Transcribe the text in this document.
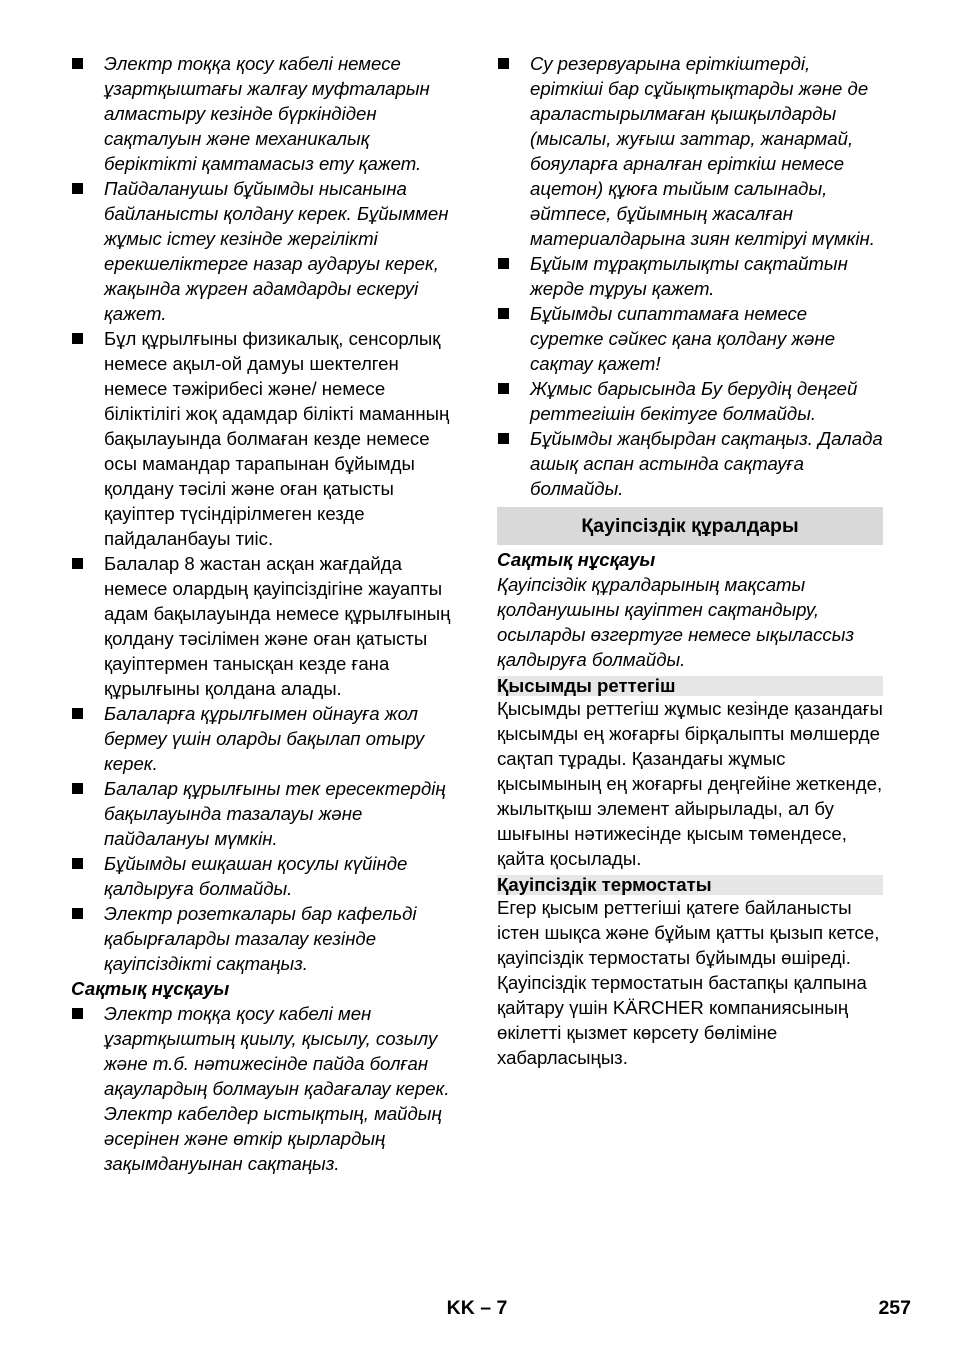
Электр тоққа қосу кабелі немесе ұзартқыштағы жалғау муфталарын алмастыру кезінде бүркіндіден сақталуын және механикалық беріктікті қамтамасыз ету қажет.
Пайдаланушы бұйымды нысанына байланысты қолдану керек. Бұйыммен жұмыс істеу кезінде жергілікті ерекшеліктерге назар аударуы керек, жақында жүрген адамдарды ескеруі қажет.
Бұл құрылғыны физикалық, сенсорлық немесе ақыл-ой дамуы шектелген немесе тәжірибесі және/ немесе біліктілігі жоқ адамдар білікті маманның бақылауында болмаған кезде немесе осы мамандар тарапынан бұйымды қолдану тәсілі және оған қатысты қауіптер түсіндірілмеген кезде пайдаланбауы тиіс.
Балалар 8 жастан асқан жағдайда немесе олардың қауіпсіздігіне жауапты адам бақылауында немесе құрылғының қолдану тәсілімен және оған қатысты қауіптермен танысқан кезде ғана құрылғыны қолдана алады.
Балаларға құрылғымен ойнауға жол бермеу үшін оларды бақылап отыру керек.
Балалар құрылғыны тек ересектердің бақылауында тазалауы және пайдалануы мүмкін.
Бұйымды ешқашан қосулы күйінде қалдыруға болмайды.
Электр розеткалары бар кафельді қабырғаларды тазалау кезінде қауіпсіздікті сақтаңыз.
Сақтық нұсқауы
Электр тоққа қосу кабелі мен ұзартқыштың қиылу, қысылу, созылу және т.б. нәтижесінде пайда болған ақаулардың болмауын қадағалау керек. Электр кабелдер ыстықтың, майдың әсерінен және өткір қырлардың зақымдануынан сақтаңыз.
Су резервуарына еріткіштерді, еріткіші бар сұйықтықтарды және де араластырылмаған қышқылдарды (мысалы, жуғыш заттар, жанармай, бояуларға арналған еріткіш немесе ацетон) құюға тыйым салынады, әйтпесе, бұйымның жасалған материалдарына зиян келтіруі мүмкін.
Бұйым тұрақтылықты сақтайтын жерде тұруы қажет.
Бұйымды сипаттамаға немесе суретке сәйкес қана қолдану және сақтау қажет!
Жұмыс барысында Бу берудің деңгей реттегішін бекітуге болмайды.
Бұйымды жаңбырдан сақтаңыз. Далада ашық аспан астында сақтауға болмайды.
Қауіпсіздік құралдары
Сақтық нұсқауы
Қауіпсіздік құралдарының мақсаты қолданушыны қауіптен сақтандыру, осыларды өзгертуге немесе ықылассыз қалдыруға болмайды.
Қысымды реттегіш
Қысымды реттегіш жұмыс кезінде қазандағы қысымды ең жоғарғы бірқалыпты мөлшерде сақтап тұрады. Қазандағы жұмыс қысымының ең жоғарғы деңгейіне жеткенде, жылытқыш элемент айырылады, ал бу шығыны нәтижесінде қысым төмендесе, қайта қосылады.
Қауіпсіздік термостаты
Егер қысым реттегіші қатеге байланысты істен шықса және бұйым қатты қызып кетсе, қауіпсіздік термостаты бұйымды өшіреді. Қауіпсіздік термостатын бастапқы қалпына қайтару үшін KÄRCHER компаниясының өкілетті қызмет көрсету бөліміне хабарласыңыз.
KK – 7	257
